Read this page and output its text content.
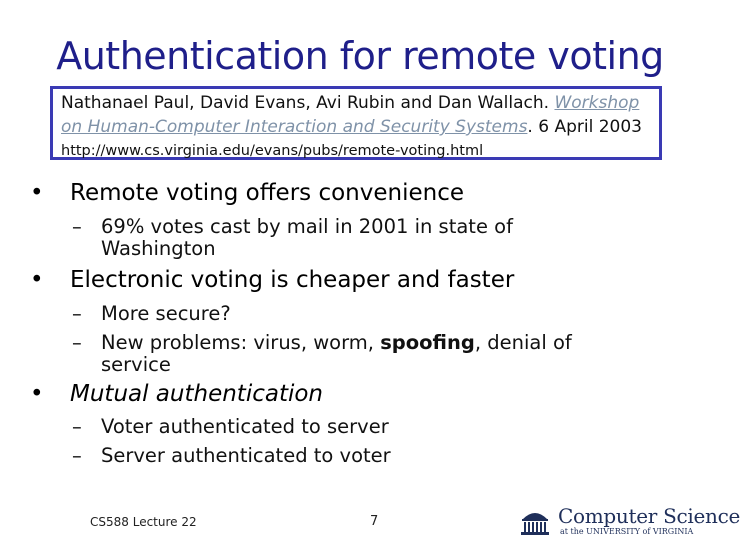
Authentication for remote voting
Nathanael Paul, David Evans, Avi Rubin and Dan Wallach. Workshop
on Human-Computer Interaction and Security Systems. 6 April 2003
http://www.cs.virginia.edu/evans/pubs/remote-voting.html
• Remote voting offers convenience
– 69% votes cast by mail in 2001 in state of
Washington
• Electronic voting is cheaper and faster
– More secure?
– New problems: virus, worm, spoofing, denial of
service
• Mutual authentication
– Voter authenticated to server
– Server authenticated to voter
CS588 Lecture 22	7	Computer Science
at the UNIVERSITY of VIRGINIA
